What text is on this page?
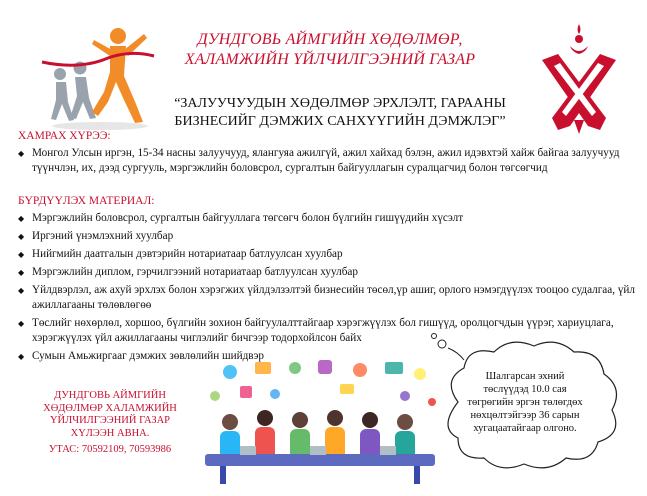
ДУНДГОВЬ АЙМГИЙН ХӨДӨЛМӨР,
ХАЛАМЖИЙН ҮЙЛЧИЛГЭЭНИЙ ГАЗАР
“ЗАЛУУЧУУДЫН ХӨДӨЛМӨР ЭРХЛЭЛТ, ГАРААНЫ
БИЗНЕСИЙГ ДЭМЖИХ САНХҮҮГИЙН ДЭМЖЛЭГ”
ХАМРАХ ХҮРЭЭ:
◆ Монгол Улсын иргэн, 15-34 насны залуучууд, ялангуяа ажилгүй, ажил хайхад бэлэн, ажил идэвхтэй хайж байгаа залуучууд түүнчлэн, их, дээд сургууль, мэргэжлийн боловсрол, сургалтын байгууллагын суралцагчид болон төгсөгчид
БҮРДҮҮЛЭХ МАТЕРИАЛ:
◆ Мэргэжлийн боловсрол, сургалтын байгууллага төгсөгч болон бүлгийн гишүүдийн хүсэлт
◆ Иргэний үнэмлэхний хуулбар
◆ Нийгмийн даатгалын дэвтэрийн нотариатаар батлуулсан хуулбар
◆ Мэргэжлийн диплом, гэрчилгээний нотариатаар батлуулсан хуулбар
◆ Үйлдвэрлэл, аж ахуй эрхлэх болон хэрэгжих үйлдэлзэлтэй бизнесийн төсөл,үр ашиг, орлого нэмэгдүүлэх тооцоо судалгаа, үйл ажиллагааны төлөвлөгөө
◆ Төслийг нөхөрлөл, хоршоо, бүлгийн зохион байгуулалттайгаар хэрэгжүүлэх бол гишүүд, оролцогчдын үүрэг, хариуцлага, хэрэгжүүлэх үйл ажиллагааны чиглэлийг бичгээр тодорхойлсон байх
◆ Сумын Амьжиргааг дэмжих зөвлөлийн шийдвэр
Шалгарсан эхний
төслүүдэд 10.0 сая
төгрөгийн эргэн төлөгдөх
нөхцөлтэйгээр 36 сарын
хугацаатайгаар олгоно.
ДУНДГОВЬ АЙМГИЙН
ХӨДӨЛМӨР ХАЛАМЖИЙН
ҮЙЛЧИЛГЭЭНИЙ ГАЗАР
ХҮЛЭЭН АВНА.
УТАС: 70592109, 70593986
